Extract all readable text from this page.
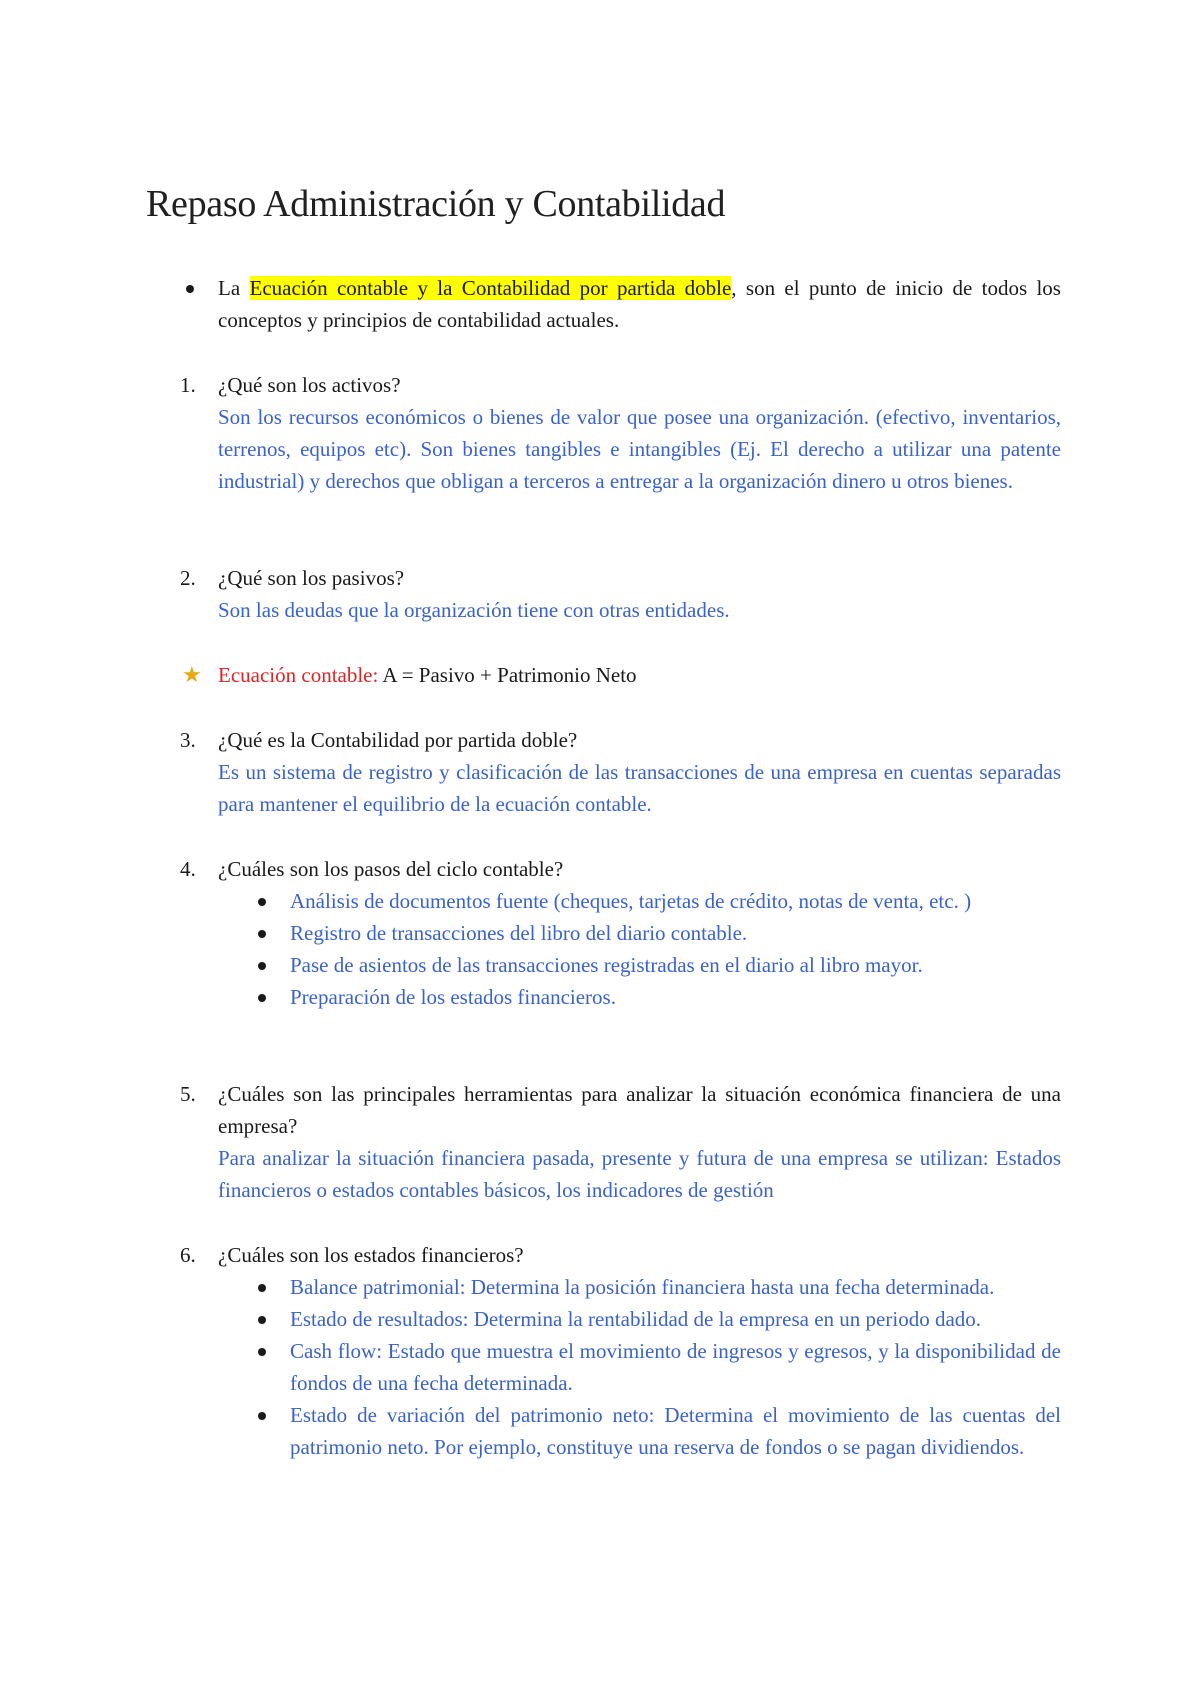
Repaso Administración y Contabilidad
La Ecuación contable y la Contabilidad por partida doble, son el punto de inicio de todos los conceptos y principios de contabilidad actuales.
1. ¿Qué son los activos?
Son los recursos económicos o bienes de valor que posee una organización. (efectivo, inventarios, terrenos, equipos etc). Son bienes tangibles e intangibles (Ej. El derecho a utilizar una patente industrial) y derechos que obligan a terceros a entregar a la organización dinero u otros bienes.
2. ¿Qué son los pasivos?
Son las deudas que la organización tiene con otras entidades.
★ Ecuación contable: A = Pasivo + Patrimonio Neto
3. ¿Qué es la Contabilidad por partida doble?
Es un sistema de registro y clasificación de las transacciones de una empresa en cuentas separadas para mantener el equilibrio de la ecuación contable.
4. ¿Cuáles son los pasos del ciclo contable?
Análisis de documentos fuente (cheques, tarjetas de crédito, notas de venta, etc. )
Registro de transacciones del libro del diario contable.
Pase de asientos de las transacciones registradas en el diario al libro mayor.
Preparación de los estados financieros.
5. ¿Cuáles son las principales herramientas para analizar la situación económica financiera de una empresa?
Para analizar la situación financiera pasada, presente y futura de una empresa se utilizan: Estados financieros o estados contables básicos, los indicadores de gestión
6. ¿Cuáles son los estados financieros?
Balance patrimonial: Determina la posición financiera hasta una fecha determinada.
Estado de resultados: Determina la rentabilidad de la empresa en un periodo dado.
Cash flow: Estado que muestra el movimiento de ingresos y egresos, y la disponibilidad de fondos de una fecha determinada.
Estado de variación del patrimonio neto: Determina el movimiento de las cuentas del patrimonio neto. Por ejemplo, constituye una reserva de fondos o se pagan dividiendos.
